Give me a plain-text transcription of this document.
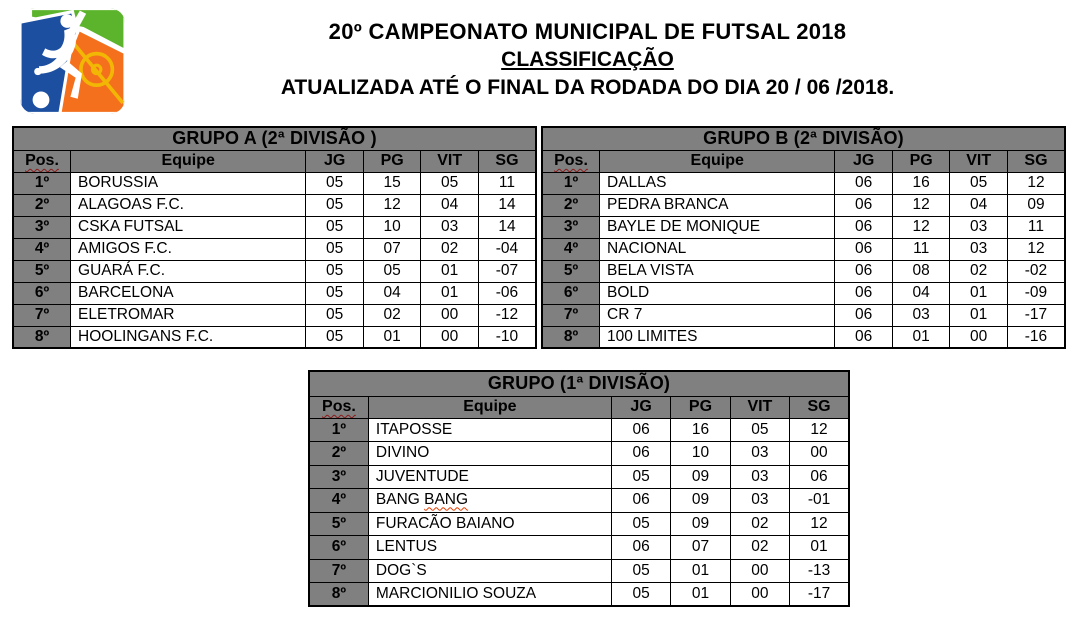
20º CAMPEONATO MUNICIPAL DE FUTSAL 2018
CLASSIFICAÇÃO
ATUALIZADA ATÉ O FINAL DA RODADA DO DIA 20 / 06 /2018.
GRUPO A (2ª DIVISÃO )					
Pos.	Equipe	JG	PG	VIT	SG
1º	BORUSSIA	05	15	05	11
2º	ALAGOAS F.C.	05	12	04	14
3º	CSKA FUTSAL	05	10	03	14
4º	AMIGOS F.C.	05	07	02	-04
5º	GUARÁ F.C.	05	05	01	-07
6º	BARCELONA	05	04	01	-06
7º	ELETROMAR	05	02	00	-12
8º	HOOLINGANS F.C.	05	01	00	-10
GRUPO B (2ª DIVISÃO)					
Pos.	Equipe	JG	PG	VIT	SG
1º	DALLAS	06	16	05	12
2º	PEDRA BRANCA	06	12	04	09
3º	BAYLE DE MONIQUE	06	12	03	11
4º	NACIONAL	06	11	03	12
5º	BELA VISTA	06	08	02	-02
6º	BOLD	06	04	01	-09
7º	CR 7	06	03	01	-17
8º	100 LIMITES	06	01	00	-16
GRUPO (1ª DIVISÃO)					
Pos.	Equipe	JG	PG	VIT	SG
1º	ITAPOSSE	06	16	05	12
2º	DIVINO	06	10	03	00
3º	JUVENTUDE	05	09	03	06
4º	BANG BANG	06	09	03	-01
5º	FURACÃO BAIANO	05	09	02	12
6º	LENTUS	06	07	02	01
7º	DOG`S	05	01	00	-13
8º	MARCIONILIO SOUZA	05	01	00	-17
